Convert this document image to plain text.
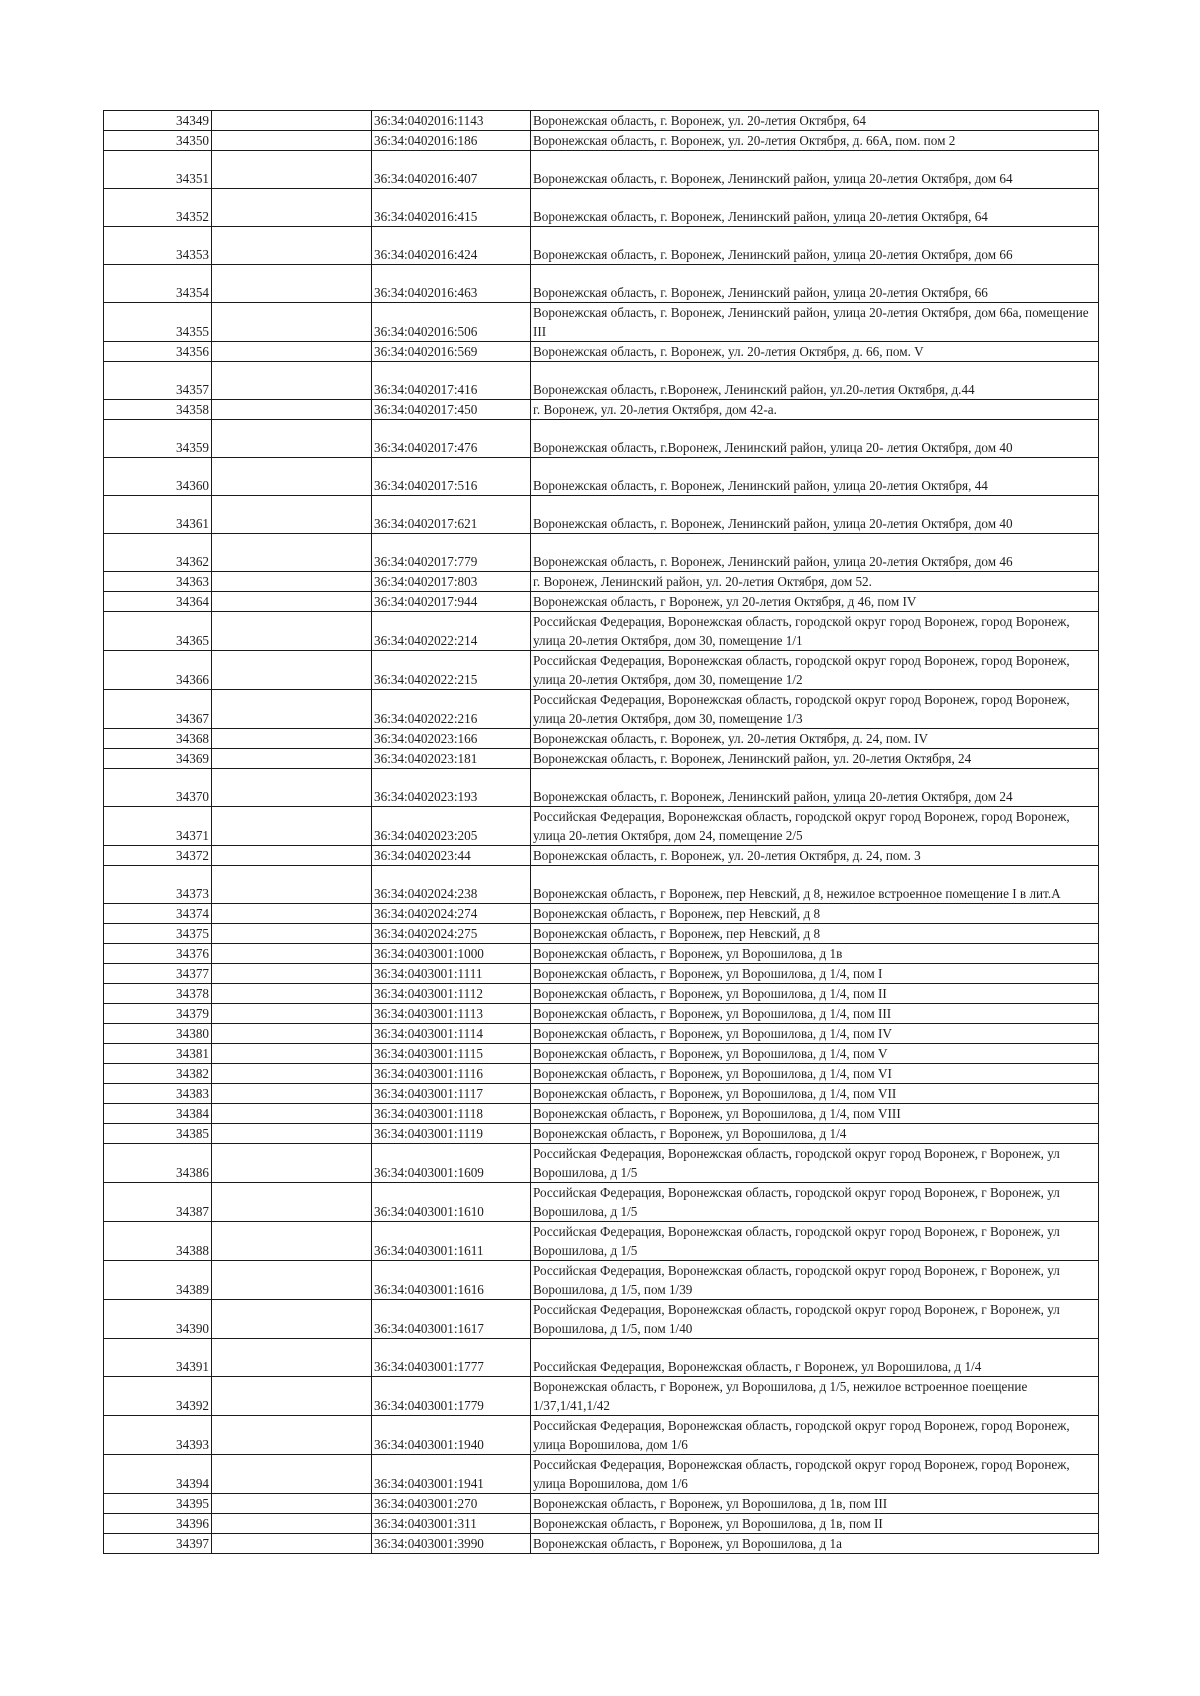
34349		36:34:0402016:1143	Воронежская область, г. Воронеж, ул. 20-летия Октября, 64
34350		36:34:0402016:186	Воронежская область, г. Воронеж, ул. 20-летия Октября, д. 66А, пом. пом 2
34351		36:34:0402016:407	Воронежская область, г. Воронеж, Ленинский район, улица 20-летия Октября, дом 64
34352		36:34:0402016:415	Воронежская область, г. Воронеж, Ленинский район, улица 20-летия Октября, 64
34353		36:34:0402016:424	Воронежская область, г. Воронеж, Ленинский район, улица 20-летия Октября, дом 66
34354		36:34:0402016:463	Воронежская область, г. Воронеж, Ленинский район, улица 20-летия Октября, 66
34355		36:34:0402016:506	Воронежская область, г. Воронеж, Ленинский район, улица 20-летия Октября, дом 66а, помещение III
34356		36:34:0402016:569	Воронежская область, г. Воронеж, ул. 20-летия Октября, д. 66, пом. V
34357		36:34:0402017:416	Воронежская область, г.Воронеж, Ленинский район, ул.20-летия Октября, д.44
34358		36:34:0402017:450	г. Воронеж, ул. 20-летия Октября, дом 42-а.
34359		36:34:0402017:476	Воронежская область, г.Воронеж, Ленинский район, улица 20- летия Октября, дом 40
34360		36:34:0402017:516	Воронежская область, г. Воронеж, Ленинский район, улица 20-летия Октября, 44
34361		36:34:0402017:621	Воронежская область, г. Воронеж, Ленинский район, улица 20-летия Октября, дом 40
34362		36:34:0402017:779	Воронежская область, г. Воронеж, Ленинский район, улица 20-летия Октября, дом 46
34363		36:34:0402017:803	г. Воронеж, Ленинский район, ул. 20-летия Октября, дом 52.
34364		36:34:0402017:944	Воронежская область, г Воронеж, ул 20-летия Октября, д 46, пом IV
34365		36:34:0402022:214	Российская Федерация, Воронежская область, городской округ город Воронеж, город Воронеж, улица 20-летия Октября, дом 30, помещение 1/1
34366		36:34:0402022:215	Российская Федерация, Воронежская область, городской округ город Воронеж, город Воронеж, улица 20-летия Октября, дом 30, помещение 1/2
34367		36:34:0402022:216	Российская Федерация, Воронежская область, городской округ город Воронеж, город Воронеж, улица 20-летия Октября, дом 30, помещение 1/3
34368		36:34:0402023:166	Воронежская область, г. Воронеж, ул. 20-летия Октября, д. 24, пом. IV
34369		36:34:0402023:181	Воронежская область, г. Воронеж, Ленинский район, ул. 20-летия Октября, 24
34370		36:34:0402023:193	Воронежская область, г. Воронеж, Ленинский район, улица 20-летия Октября, дом 24
34371		36:34:0402023:205	Российская Федерация, Воронежская область, городской округ город Воронеж, город Воронеж, улица 20-летия Октября, дом 24, помещение 2/5
34372		36:34:0402023:44	Воронежская область, г. Воронеж, ул. 20-летия Октября, д. 24, пом. 3
34373		36:34:0402024:238	Воронежская область, г Воронеж, пер Невский, д 8, нежилое встроенное помещение I в лит.А
34374		36:34:0402024:274	Воронежская область, г Воронеж, пер Невский, д 8
34375		36:34:0402024:275	Воронежская область, г Воронеж, пер Невский, д 8
34376		36:34:0403001:1000	Воронежская область, г Воронеж, ул Ворошилова, д 1в
34377		36:34:0403001:1111	Воронежская область, г Воронеж, ул Ворошилова, д 1/4, пом I
34378		36:34:0403001:1112	Воронежская область, г Воронеж, ул Ворошилова, д 1/4, пом II
34379		36:34:0403001:1113	Воронежская область, г Воронеж, ул Ворошилова, д 1/4, пом III
34380		36:34:0403001:1114	Воронежская область, г Воронеж, ул Ворошилова, д 1/4, пом IV
34381		36:34:0403001:1115	Воронежская область, г Воронеж, ул Ворошилова, д 1/4, пом V
34382		36:34:0403001:1116	Воронежская область, г Воронеж, ул Ворошилова, д 1/4, пом VI
34383		36:34:0403001:1117	Воронежская область, г Воронеж, ул Ворошилова, д 1/4, пом VII
34384		36:34:0403001:1118	Воронежская область, г Воронеж, ул Ворошилова, д 1/4, пом VIII
34385		36:34:0403001:1119	Воронежская область, г Воронеж, ул Ворошилова, д 1/4
34386		36:34:0403001:1609	Российская Федерация, Воронежская область, городской округ город Воронеж, г Воронеж, ул Ворошилова, д 1/5
34387		36:34:0403001:1610	Российская Федерация, Воронежская область, городской округ город Воронеж, г Воронеж, ул Ворошилова, д 1/5
34388		36:34:0403001:1611	Российская Федерация, Воронежская область, городской округ город Воронеж, г Воронеж, ул Ворошилова, д 1/5
34389		36:34:0403001:1616	Российская Федерация, Воронежская область, городской округ город Воронеж, г Воронеж, ул Ворошилова, д 1/5, пом 1/39
34390		36:34:0403001:1617	Российская Федерация, Воронежская область, городской округ город Воронеж, г Воронеж, ул Ворошилова, д 1/5, пом 1/40
34391		36:34:0403001:1777	Российская Федерация, Воронежская область, г Воронеж, ул Ворошилова, д 1/4
34392		36:34:0403001:1779	Воронежская область, г Воронеж, ул Ворошилова, д 1/5, нежилое встроенное поещение 1/37,1/41,1/42
34393		36:34:0403001:1940	Российская Федерация, Воронежская область, городской округ город Воронеж, город Воронеж, улица Ворошилова, дом 1/6
34394		36:34:0403001:1941	Российская Федерация, Воронежская область, городской округ город Воронеж, город Воронеж, улица Ворошилова, дом 1/6
34395		36:34:0403001:270	Воронежская область, г Воронеж, ул Ворошилова, д 1в, пом III
34396		36:34:0403001:311	Воронежская область, г Воронеж, ул Ворошилова, д 1в, пом II
34397		36:34:0403001:3990	Воронежская область, г Воронеж, ул Ворошилова, д 1а
